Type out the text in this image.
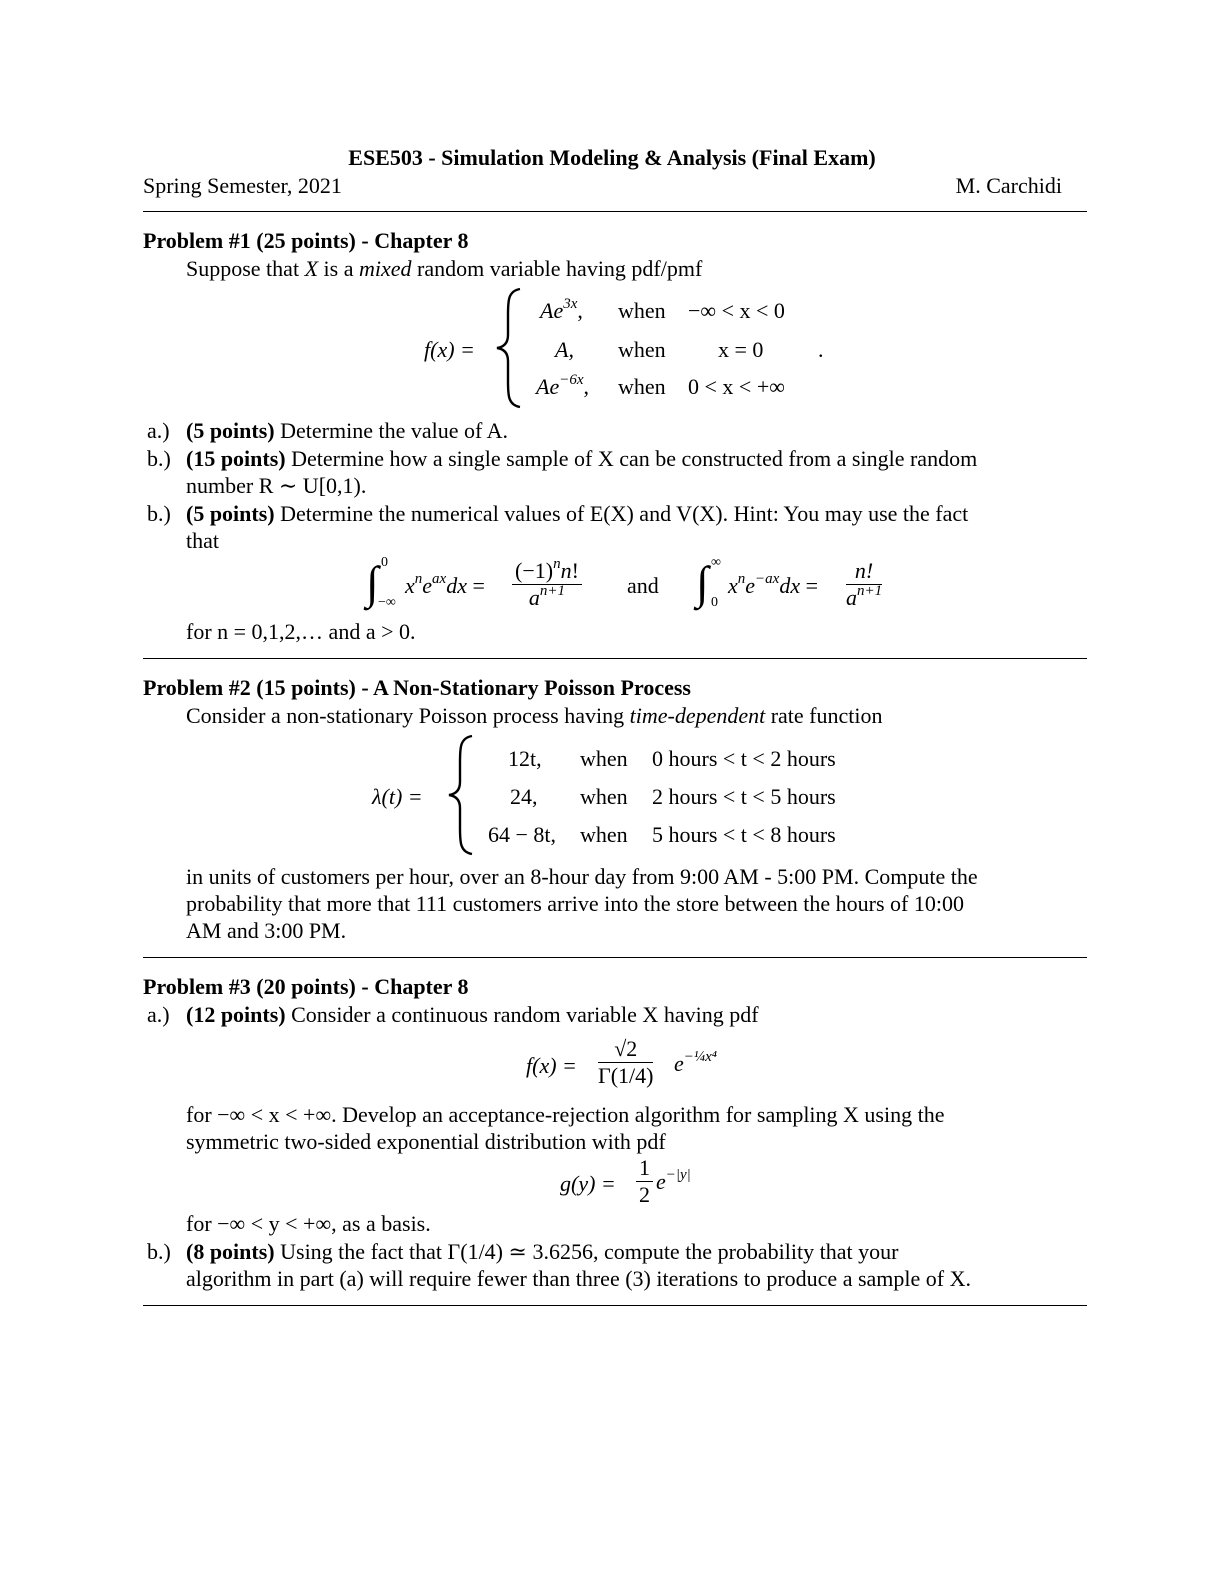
ESE503 - Simulation Modeling & Analysis (Final Exam)
Spring Semester, 2021	M. Carchidi
Problem #1 (25 points) - Chapter 8
Suppose that X is a mixed random variable having pdf/pmf
f(x) =
$Ae^{3x}$, when −∞ < x < 0
A, when x = 0
$Ae^{-6x}$, when 0 < x < +∞
.
a.) (5 points) Determine the value of A.
b.) (15 points) Determine how a single sample of X can be constructed from a single random
number R ∼ U[0,1).
b.) (5 points) Determine the numerical values of E(X) and V(X). Hint: You may use the fact
that
∫ 0
−∞
$x^ne^{ax}dx = \frac{(-1)^nn!}{a^{n+1}}$ and ∫ ∞
0
$x^ne^{-ax}dx = \frac{n!}{a^{n+1}}$
for n = 0,1,2,… and a > 0.
Problem #2 (15 points) - A Non-Stationary Poisson Process
Consider a non-stationary Poisson process having time-dependent rate function
λ(t) =
12t, when 0 hours < t < 2 hours
24, when 2 hours < t < 5 hours
64 − 8t, when 5 hours < t < 8 hours
in units of customers per hour, over an 8-hour day from 9:00 AM - 5:00 PM. Compute the
probability that more that 111 customers arrive into the store between the hours of 10:00
AM and 3:00 PM.
Problem #3 (20 points) - Chapter 8
a.) (12 points) Consider a continuous random variable X having pdf
$f(x) = \frac{√2}{\Gamma(1/4)} e^{-\frac{1}{4}x^4}$
for −∞ < x < +∞. Develop an acceptance-rejection algorithm for sampling X using the
symmetric two-sided exponential distribution with pdf
$g(y) = \frac{1}{2} e^{-|y|}$
for −∞ < y < +∞, as a basis.
b.) (8 points) Using the fact that Γ(1/4) ≃ 3.6256, compute the probability that your
algorithm in part (a) will require fewer than three (3) iterations to produce a sample of X.
